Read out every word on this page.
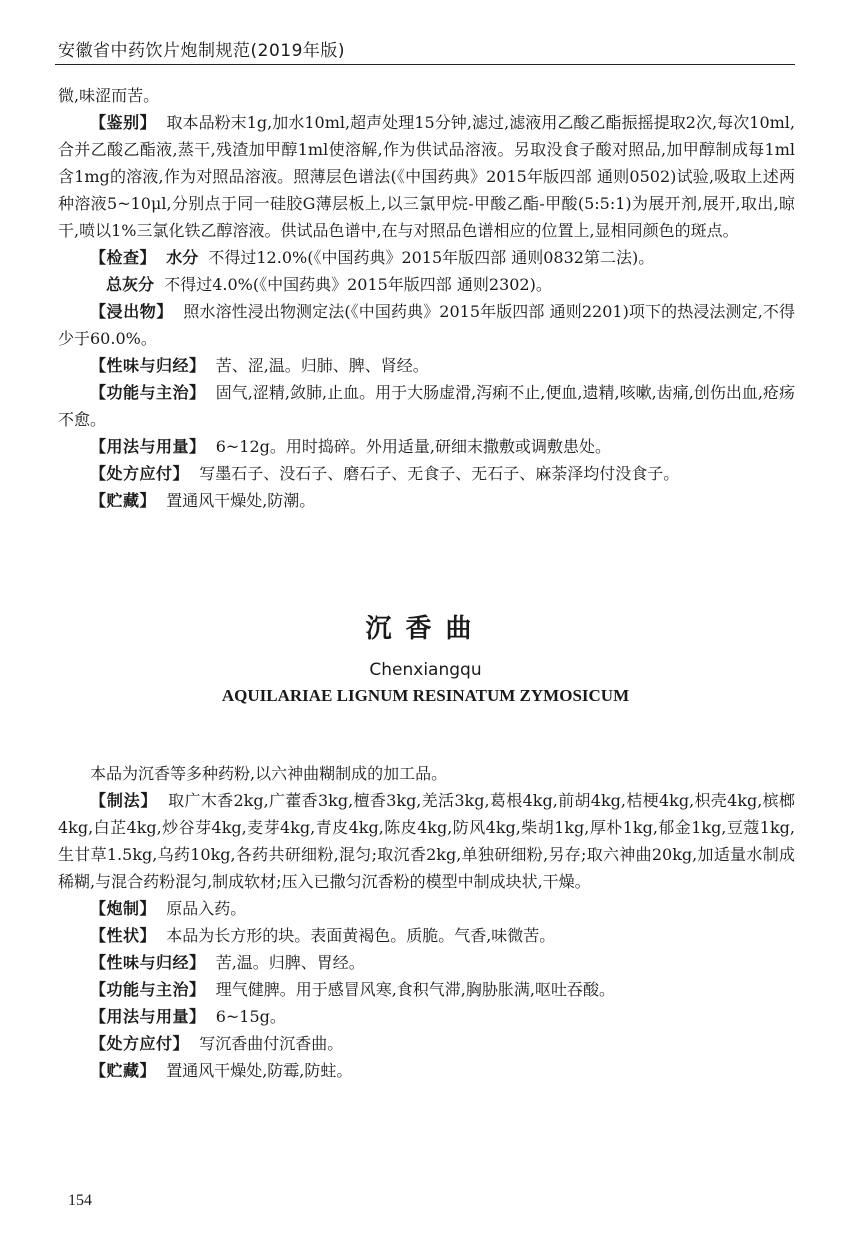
安徽省中药饮片炮制规范(2019年版)

微,味涩而苦。

【鉴别】 取本品粉末1g,加水10ml,超声处理15分钟,滤过,滤液用乙酸乙酯振摇提取2次,每次10ml,合并乙酸乙酯液,蒸干,残渣加甲醇1ml使溶解,作为供试品溶液。另取没食子酸对照品,加甲醇制成每1ml含1mg的溶液,作为对照品溶液。照薄层色谱法(《中国药典》2015年版四部 通则0502)试验,吸取上述两种溶液5~10μl,分别点于同一硅胶G薄层板上,以三氯甲烷-甲酸乙酯-甲酸(5:5:1)为展开剂,展开,取出,晾干,喷以1%三氯化铁乙醇溶液。供试品色谱中,在与对照品色谱相应的位置上,显相同颜色的斑点。

【检查】 水分 不得过12.0%(《中国药典》2015年版四部 通则0832第二法)。

总灰分 不得过4.0%(《中国药典》2015年版四部 通则2302)。

【浸出物】 照水溶性浸出物测定法(《中国药典》2015年版四部 通则2201)项下的热浸法测定,不得少于60.0%。

【性味与归经】 苦、涩,温。归肺、脾、肾经。

【功能与主治】 固气,涩精,敛肺,止血。用于大肠虚滑,泻痢不止,便血,遗精,咳嗽,齿痛,创伤出血,疮疡不愈。

【用法与用量】 6~12g。用时捣碎。外用适量,研细末撒敷或调敷患处。

【处方应付】 写墨石子、没石子、磨石子、无食子、无石子、麻荼泽均付没食子。

【贮藏】 置通风干燥处,防潮。

沉香曲
Chenxiangqu
AQUILARIAE LIGNUM RESINATUM ZYMOSICUM

本品为沉香等多种药粉,以六神曲糊制成的加工品。

【制法】 取广木香2kg,广藿香3kg,檀香3kg,羌活3kg,葛根4kg,前胡4kg,桔梗4kg,枳壳4kg,槟榔4kg,白芷4kg,炒谷芽4kg,麦芽4kg,青皮4kg,陈皮4kg,防风4kg,柴胡1kg,厚朴1kg,郁金1kg,豆蔻1kg,生甘草1.5kg,乌药10kg,各药共研细粉,混匀;取沉香2kg,单独研细粉,另存;取六神曲20kg,加适量水制成稀糊,与混合药粉混匀,制成软材;压入已撒匀沉香粉的模型中制成块状,干燥。

【炮制】 原品入药。

【性状】 本品为长方形的块。表面黄褐色。质脆。气香,味微苦。

【性味与归经】 苦,温。归脾、胃经。

【功能与主治】 理气健脾。用于感冒风寒,食积气滞,胸胁胀满,呕吐吞酸。

【用法与用量】 6~15g。

【处方应付】 写沉香曲付沉香曲。

【贮藏】 置通风干燥处,防霉,防蛀。

154
